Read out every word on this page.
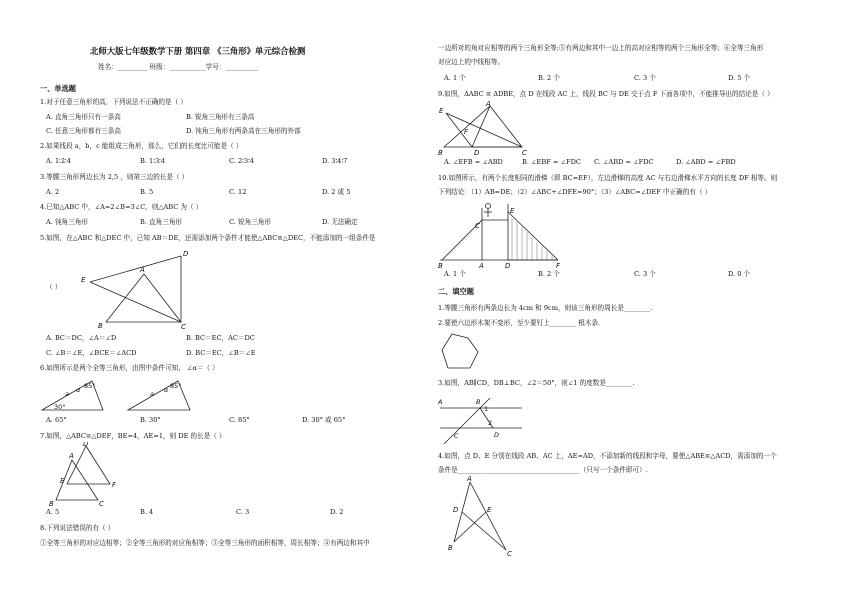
北师大版七年级数学下册 第四章 《三角形》单元综合检测
姓名：_________ 班级：___________学号：__________
一、单选题
1.对于任意三角形的高，下列说法不正确的是（ ）
A. 直角三角形只有一条高	B. 锐角三角形有三条高
C. 任意三角形都有三条高	D. 钝角三角形有两条高在三角形的外部
2.如果线段 a，b，c 能组成三角形，那么，它们的长度比可能是（ ）
A. 1∶2∶4	B. 1∶3∶4	C. 2∶3∶4	D. 3∶4∶7
3.等腰三角形两边长为 2,5 ，则第三边的长是（ ）
A. 2	B. 5	C. 12	D. 2 或 5
4.已知△ABC 中，∠A=2∠B=3∠C，则△ABC 为（ ）
A. 钝角三角形	B. 直角三角形	C. 锐角三角形	D. 无法确定
5.如图，在△ABC 和△DEC 中，已知 AB＝DE，还需添加两个条件才能使△ABC≌△DEC，不能添加的一组条件是
（ ）
E
A
D
B	C
A. BC＝DC，∠A＝∠D	B. BC＝EC，AC＝DC
C. ∠B＝∠E，∠BCE＝∠ACD	D. BC＝EC，∠B＝∠E
6.如图所示是两个全等三角形，由图中条件可知， ∠α＝（ ）
α 85°
30°
a	a
85°
α
A. 65°	B. 30°	C. 85°	D. 30° 或 65°
7.如图，△ABC≌△DEF，BE=4，AE=1，则 DE 的长是（ ）
A
D
E	F
B	C
A. 5	B. 4	C. 3	D. 2
8.下列说法错误的有（ ）
①全等三角形的对应边相等；②全等三角形的对应角相等；③全等三角形的面积相等，周长相等；④有两边和其中
一边所对的角对应相等的两个三角形全等;⑤有两边和其中一边上的高对应相等的两个三角形全等；⑥全等三角形
对应边上的中线相等。
A. 1 个	B. 2 个	C. 3 个	D. 5 个
9.如图，ΔABC ≅ ΔDBE，点 D 在线段 AC 上，线段 BC 与 DE 交于点 F 下面各项中，不能推导出的结论是（ ）
E
A
F
D	C
B
A. ∠EFB = ∠ABD	B. ∠EBF = ∠FDC C. ∠ABD = ∠FDC	D. ∠ABD = ∠FBD
10.如图所示，有两个长度相同的滑梯（即 BC=EF），左边滑梯的高度 AC 与右边滑梯水平方向的长度 DF 相等。则
下列结论：（1）AB=DE；（2）∠ABC+∠DFE=90°；（3）∠ABC=∠DEF 中正确的有（ ）
E
C
B	A	D	F
A. 1 个	B. 2 个	C. 3 个	D. 0 个
二、填空题
1.等腰三角形有两条边长为 4cm 和 9cm，则该三角形的周长是________.
2.要使六边形木架不变形，至少要钉上________ 根木条.
3.如图，AB∥CD，DB⊥BC，∠2＝50°，则∠1 的度数是________.
A	B
1
C	D
2
4.如图，点 D、E 分别在线段 AB、AC 上，AE=AD，不添加新的线段和字母，要使△ABE≌△ACD，需添加的一个
条件是_____________________________________（只写一个条件即可）.
A
D	E
B
C
